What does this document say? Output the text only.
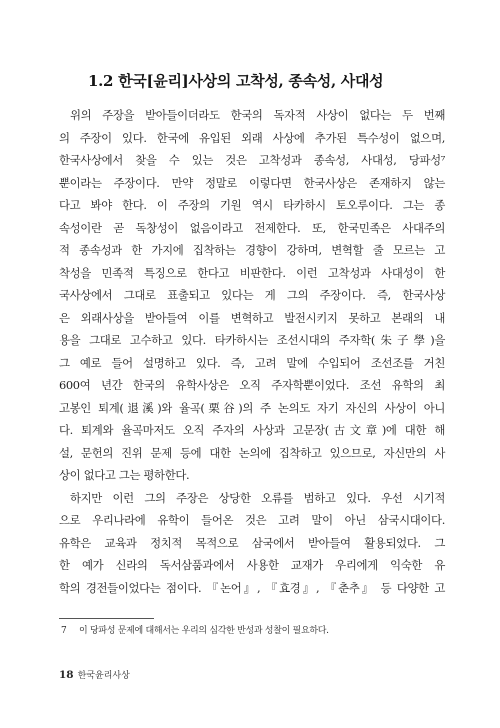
1.2 한국[윤리]사상의 고착성, 종속성, 사대성
위의 주장을 받아들이더라도 한국의 독자적 사상이 없다는 두 번째
의 주장이 있다. 한국에 유입된 외래 사상에 추가된 특수성이 없으며,
한국사상에서 찾을 수 있는 것은 고착성과 종속성, 사대성, 당파성⁷
뿐이라는 주장이다. 만약 정말로 이렇다면 한국사상은 존재하지 않는
다고 봐야 한다. 이 주장의 기원 역시 타카하시 토오루이다. 그는 종
속성이란 곧 독창성이 없음이라고 전제한다. 또, 한국민족은 사대주의
적 종속성과 한 가지에 집착하는 경향이 강하며, 변혁할 줄 모르는 고
착성을 민족적 특징으로 한다고 비판한다. 이런 고착성과 사대성이 한
국사상에서 그대로 표출되고 있다는 게 그의 주장이다. 즉, 한국사상
은 외래사상을 받아들여 이를 변혁하고 발전시키지 못하고 본래의 내
용을 그대로 고수하고 있다. 타카하시는 조선시대의 주자학(朱子學)을
그 예로 들어 설명하고 있다. 즉, 고려 말에 수입되어 조선조를 거친
600여 년간 한국의 유학사상은 오직 주자학뿐이었다. 조선 유학의 최
고봉인 퇴계(退溪)와 율곡(栗谷)의 주 논의도 자기 자신의 사상이 아니
다. 퇴계와 율곡마저도 오직 주자의 사상과 고문장(古文章)에 대한 해
설, 문헌의 진위 문제 등에 대한 논의에 집착하고 있으므로, 자신만의 사
상이 없다고 그는 평하한다.
하지만 이런 그의 주장은 상당한 오류를 범하고 있다. 우선 시기적
으로 우리나라에 유학이 들어온 것은 고려 말이 아닌 삼국시대이다.
유학은 교육과 정치적 목적으로 삼국에서 받아들여 활용되었다. 그
한 예가 신라의 독서삼품과에서 사용한 교재가 우리에게 익숙한 유
학의 경전들이었다는 점이다. 『논어』, 『효경』, 『춘추』 등 다양한 고
7 이 당파성 문제에 대해서는 우리의 심각한 반성과 성찰이 필요하다.
18 한국윤리사상
